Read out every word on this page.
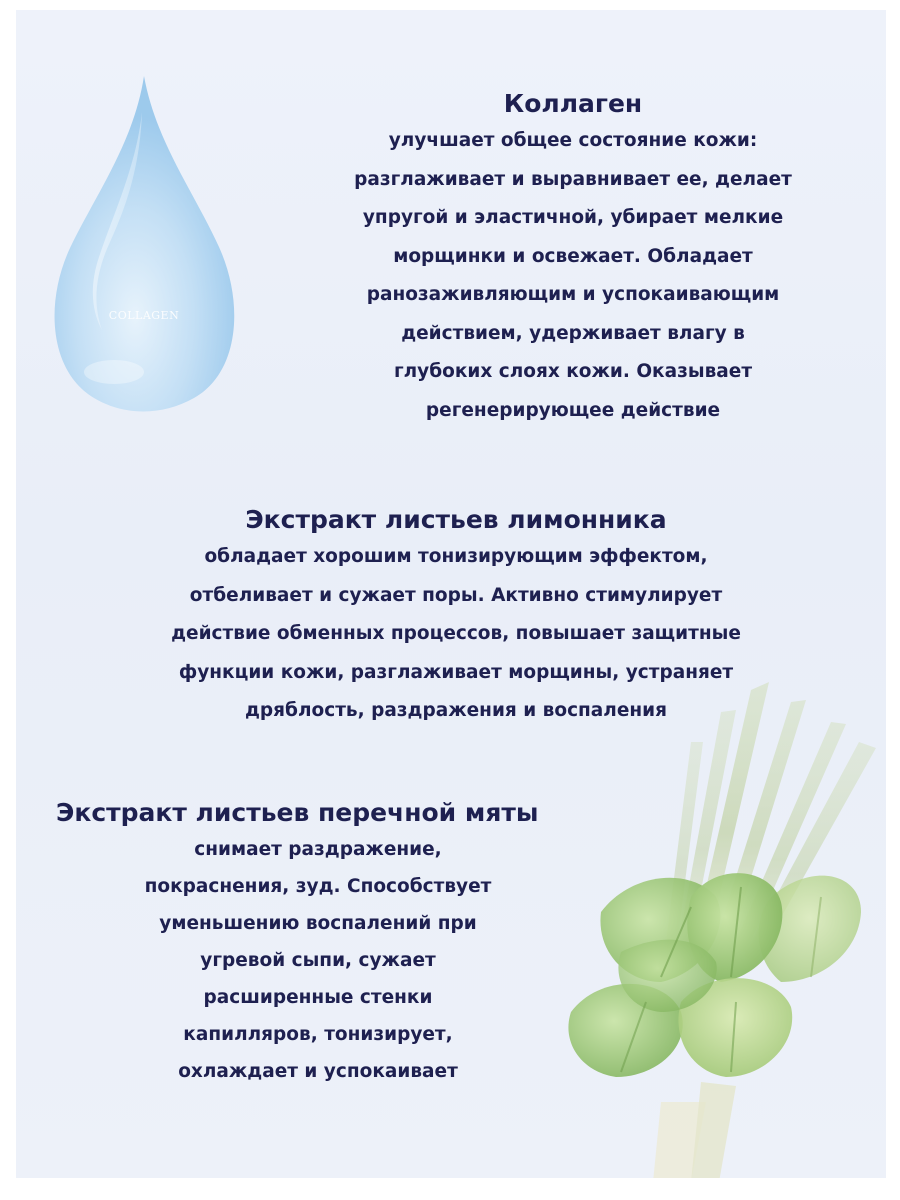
COLLAGEN
Коллаген

улучшает общее состояние кожи:

разглаживает и выравнивает ее, делает

упругой и эластичной, убирает мелкие

морщинки и освежает. Обладает

ранозаживляющим и успокаивающим

действием, удерживает влагу в

глубоких слоях кожи. Оказывает

регенерирующее действие

Экстракт листьев лимонника

обладает хорошим тонизирующим эффектом,

отбеливает и сужает поры. Активно стимулирует

действие обменных процессов, повышает защитные

функции кожи, разглаживает морщины, устраняет

дряблость, раздражения и воспаления

Экстракт листьев перечной мяты

снимает раздражение,

покраснения, зуд. Способствует

уменьшению воспалений при

угревой сыпи, сужает

расширенные стенки

капилляров, тонизирует,

охлаждает и успокаивает
